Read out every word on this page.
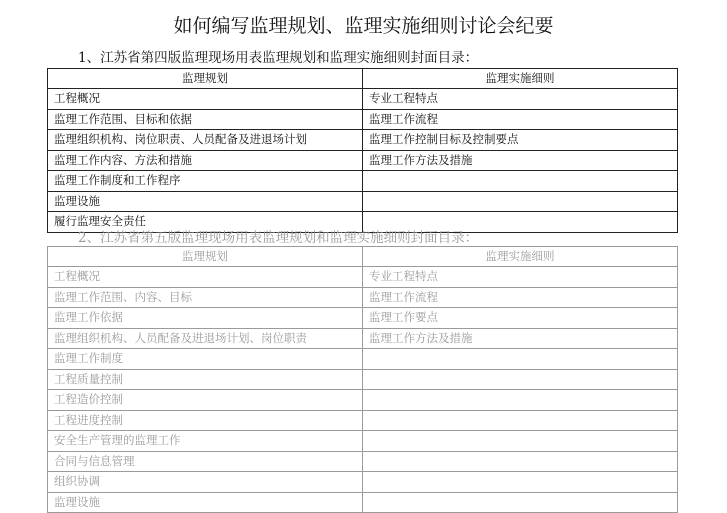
如何编写监理规划、监理实施细则讨论会纪要
1、江苏省第四版监理现场用表监理规划和监理实施细则封面目录：
监理规划	监理实施细则
工程概况	专业工程特点
监理工作范围、目标和依据	监理工作流程
监理组织机构、岗位职责、人员配备及进退场计划	监理工作控制目标及控制要点
监理工作内容、方法和措施	监理工作方法及措施
监理工作制度和工作程序	
监理设施	
履行监理安全责任	
2、江苏省第五版监理现场用表监理规划和监理实施细则封面目录：
监理规划	监理实施细则
工程概况	专业工程特点
监理工作范围、内容、目标	监理工作流程
监理工作依据	监理工作要点
监理组织机构、人员配备及进退场计划、岗位职责	监理工作方法及措施
监理工作制度	
工程质量控制	
工程造价控制	
工程进度控制	
安全生产管理的监理工作	
合同与信息管理	
组织协调	
监理设施	
